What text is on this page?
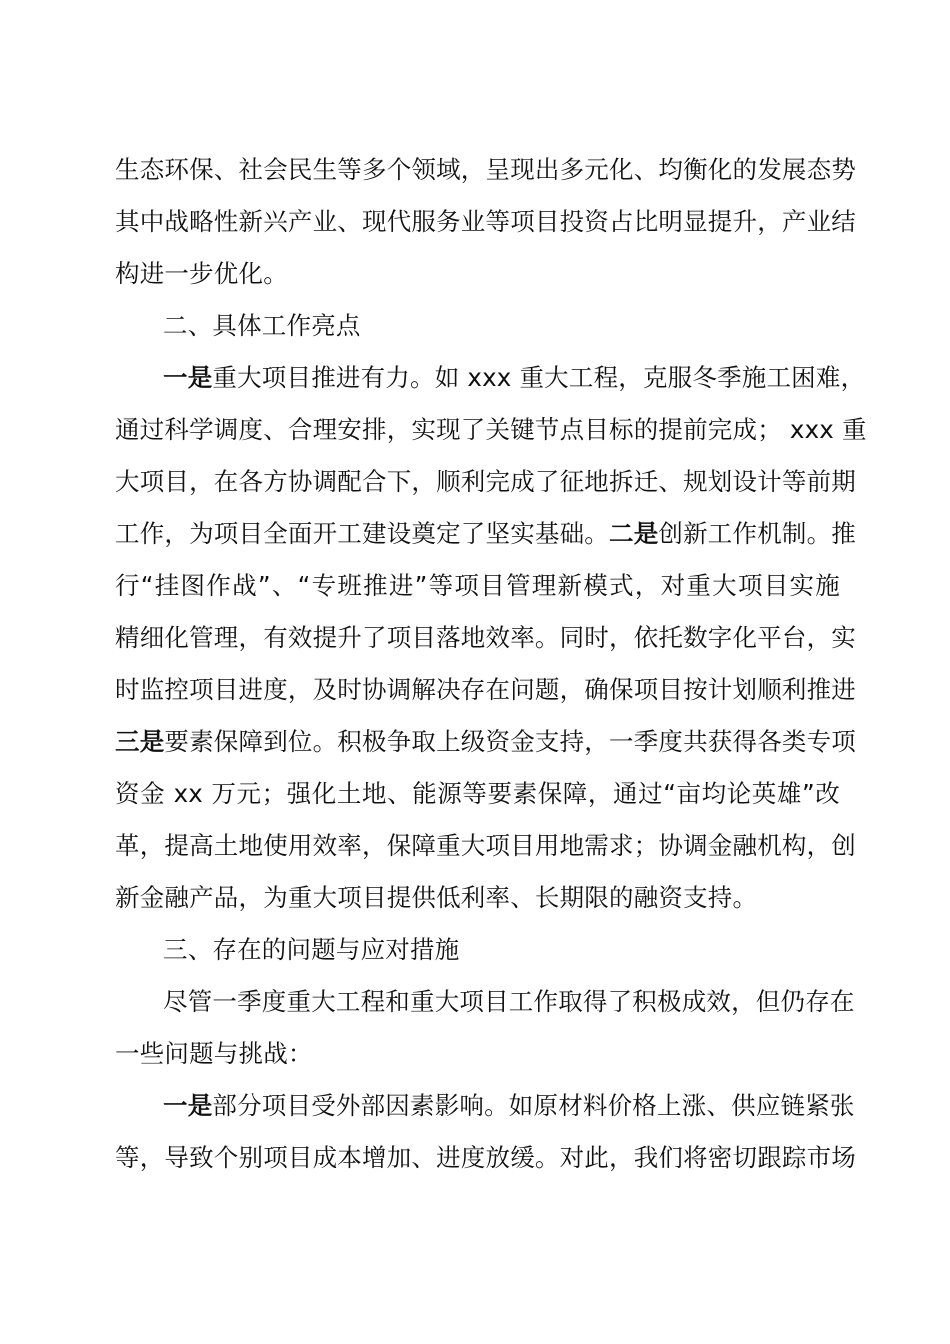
生态环保、社会民生等多个领域，呈现出多元化、均衡化的发展态势
其中战略性新兴产业、现代服务业等项目投资占比明显提升，产业结
构进一步优化。
二、具体工作亮点
一是重大项目推进有力。如 xxx 重大工程，克服冬季施工困难，
通过科学调度、合理安排，实现了关键节点目标的提前完成； xxx 重
大项目，在各方协调配合下，顺利完成了征地拆迁、规划设计等前期
工作，为项目全面开工建设奠定了坚实基础。二是创新工作机制。推
行“挂图作战”、“专班推进”等项目管理新模式，对重大项目实施
精细化管理，有效提升了项目落地效率。同时，依托数字化平台，实
时监控项目进度，及时协调解决存在问题，确保项目按计划顺利推进
三是要素保障到位。积极争取上级资金支持，一季度共获得各类专项
资金 xx 万元；强化土地、能源等要素保障，通过“亩均论英雄”改
革，提高土地使用效率，保障重大项目用地需求；协调金融机构，创
新金融产品，为重大项目提供低利率、长期限的融资支持。
三、存在的问题与应对措施
尽管一季度重大工程和重大项目工作取得了积极成效，但仍存在
一些问题与挑战：
一是部分项目受外部因素影响。如原材料价格上涨、供应链紧张
等，导致个别项目成本增加、进度放缓。对此，我们将密切跟踪市场
